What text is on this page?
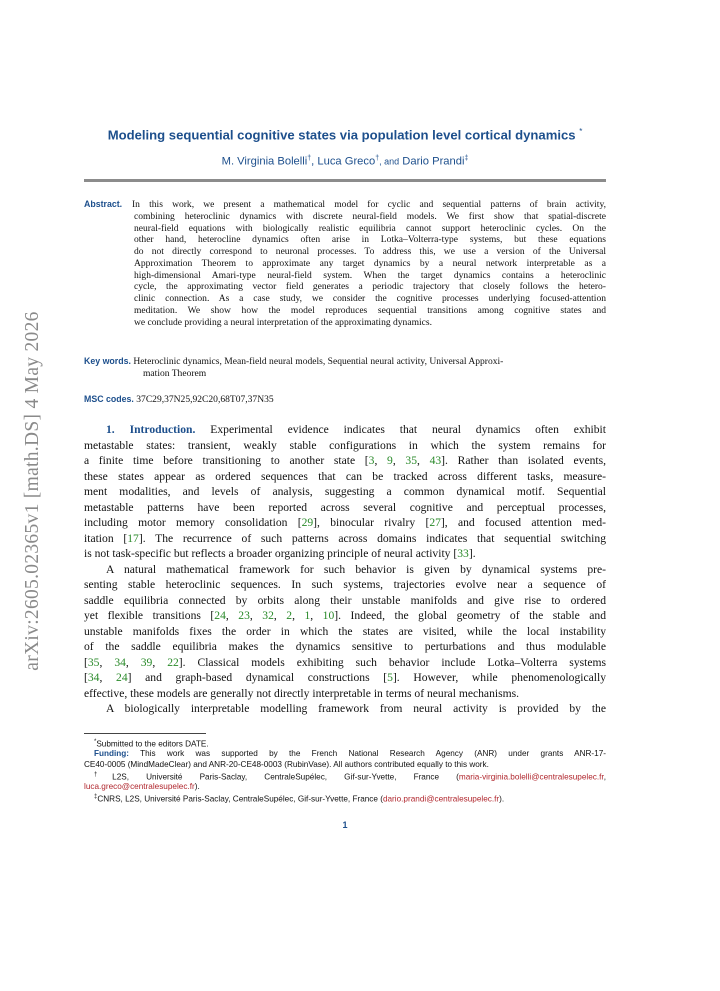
arXiv:2605.02365v1 [math.DS] 4 May 2026
Modeling sequential cognitive states via population level cortical dynamics *
M. Virginia Bolelli†, Luca Greco†, and Dario Prandi‡
Abstract. In this work, we present a mathematical model for cyclic and sequential patterns of brain activity,
combining heteroclinic dynamics with discrete neural-field models. We first show that spatial-discrete
neural-field equations with biologically realistic equilibria cannot support heteroclinic cycles. On the
other hand, heterocline dynamics often arise in Lotka–Volterra-type systems, but these equations
do not directly correspond to neuronal processes. To address this, we use a version of the Universal
Approximation Theorem to approximate any target dynamics by a neural network interpretable as a
high-dimensional Amari-type neural-field system. When the target dynamics contains a heteroclinic
cycle, the approximating vector field generates a periodic trajectory that closely follows the hetero-
clinic connection. As a case study, we consider the cognitive processes underlying focused-attention
meditation. We show how the model reproduces sequential transitions among cognitive states and
we conclude providing a neural interpretation of the approximating dynamics.
Key words. Heteroclinic dynamics, Mean-field neural models, Sequential neural activity, Universal Approxi-
mation Theorem
MSC codes. 37C29,37N25,92C20,68T07,37N35
1. Introduction. Experimental evidence indicates that neural dynamics often exhibit
metastable states: transient, weakly stable configurations in which the system remains for
a finite time before transitioning to another state [3, 9, 35, 43]. Rather than isolated events,
these states appear as ordered sequences that can be tracked across different tasks, measure-
ment modalities, and levels of analysis, suggesting a common dynamical motif. Sequential
metastable patterns have been reported across several cognitive and perceptual processes,
including motor memory consolidation [29], binocular rivalry [27], and focused attention med-
itation [17]. The recurrence of such patterns across domains indicates that sequential switching
is not task-specific but reflects a broader organizing principle of neural activity [33].
A natural mathematical framework for such behavior is given by dynamical systems pre-
senting stable heteroclinic sequences. In such systems, trajectories evolve near a sequence of
saddle equilibria connected by orbits along their unstable manifolds and give rise to ordered
yet flexible transitions [24, 23, 32, 2, 1, 10]. Indeed, the global geometry of the stable and
unstable manifolds fixes the order in which the states are visited, while the local instability
of the saddle equilibria makes the dynamics sensitive to perturbations and thus modulable
[35, 34, 39, 22]. Classical models exhibiting such behavior include Lotka–Volterra systems
[34, 24] and graph-based dynamical constructions [5]. However, while phenomenologically
effective, these models are generally not directly interpretable in terms of neural mechanisms.
A biologically interpretable modelling framework from neural activity is provided by the
*Submitted to the editors DATE.
Funding: This work was supported by the French National Research Agency (ANR) under grants ANR-17-
CE40-0005 (MindMadeClear) and ANR-20-CE48-0003 (RubinVase). All authors contributed equally to this work.
†L2S, Université Paris-Saclay, CentraleSupélec, Gif-sur-Yvette, France (maria-virginia.bolelli@centralesupelec.fr,
luca.greco@centralesupelec.fr).
‡CNRS, L2S, Université Paris-Saclay, CentraleSupélec, Gif-sur-Yvette, France (dario.prandi@centralesupelec.fr).
1
